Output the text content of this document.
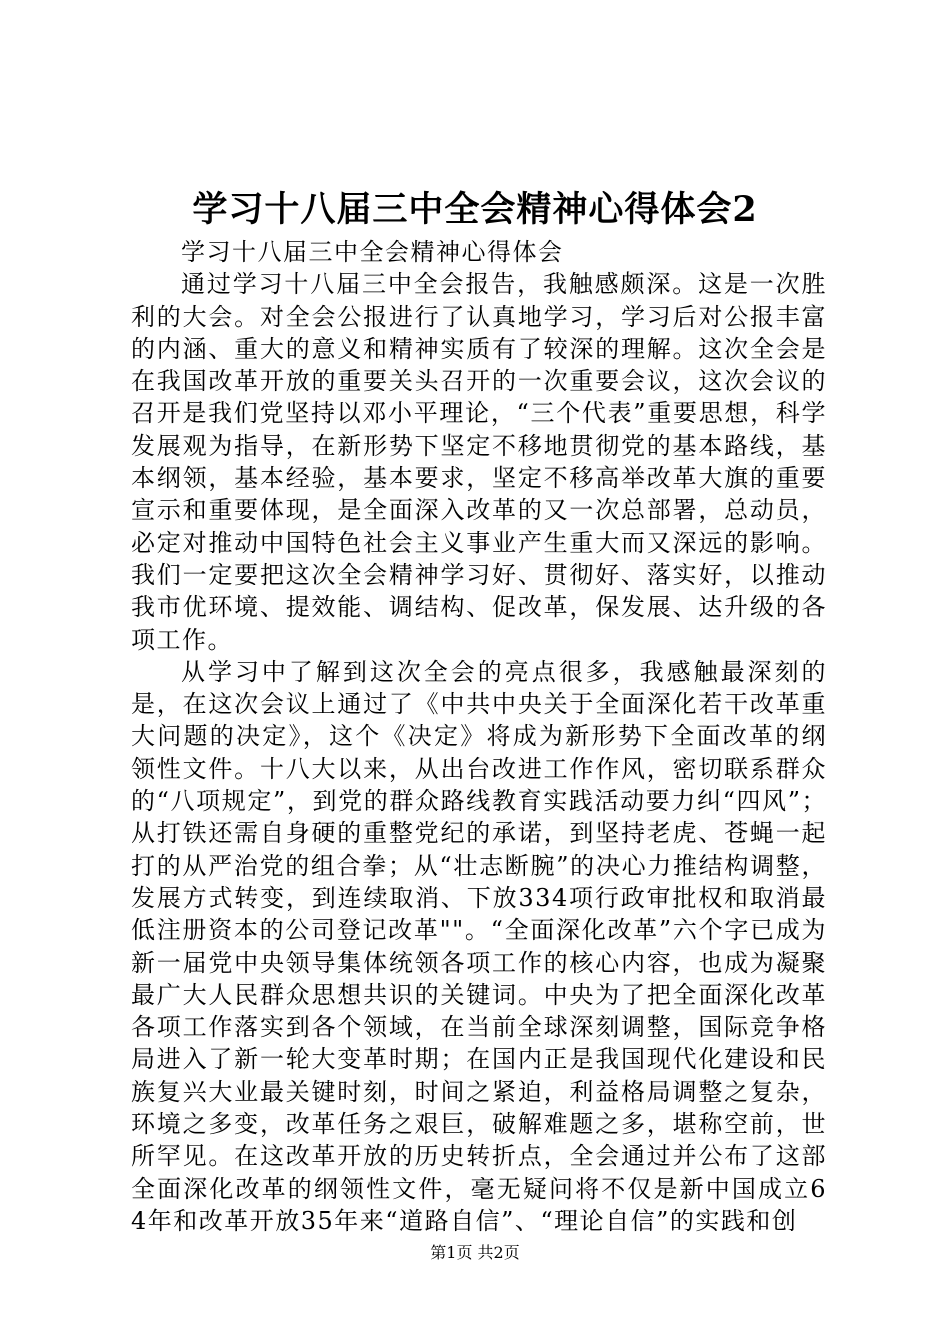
学习十八届三中全会精神心得体会2

学习十八届三中全会精神心得体会

通过学习十八届三中全会报告，我触感颇深。这是一次胜利的大会。对全会公报进行了认真地学习，学习后对公报丰富的内涵、重大的意义和精神实质有了较深的理解。这次全会是在我国改革开放的重要关头召开的一次重要会议，这次会议的召开是我们党坚持以邓小平理论，“三个代表”重要思想，科学发展观为指导，在新形势下坚定不移地贯彻党的基本路线，基本纲领，基本经验，基本要求，坚定不移高举改革大旗的重要宣示和重要体现，是全面深入改革的又一次总部署，总动员，必定对推动中国特色社会主义事业产生重大而又深远的影响。我们一定要把这次全会精神学习好、贯彻好、落实好，以推动我市优环境、提效能、调结构、促改革，保发展、达升级的各项工作。

从学习中了解到这次全会的亮点很多，我感触最深刻的是，在这次会议上通过了《中共中央关于全面深化若干改革重大问题的决定》，这个《决定》将成为新形势下全面改革的纲领性文件。十八大以来，从出台改进工作作风，密切联系群众的“八项规定”，到党的群众路线教育实践活动要力纠“四风”；从打铁还需自身硬的重整党纪的承诺，到坚持老虎、苍蝇一起打的从严治党的组合拳；从“壮志断腕”的决心力推结构调整，发展方式转变，到连续取消、下放334项行政审批权和取消最低注册资本的公司登记改革""。“全面深化改革”六个字已成为新一届党中央领导集体统领各项工作的核心内容，也成为凝聚最广大人民群众思想共识的关键词。中央为了把全面深化改革各项工作落实到各个领域，在当前全球深刻调整，国际竞争格局进入了新一轮大变革时期；在国内正是我国现代化建设和民族复兴大业最关键时刻，时间之紧迫，利益格局调整之复杂，环境之多变，改革任务之艰巨，破解难题之多，堪称空前，世所罕见。在这改革开放的历史转折点，全会通过并公布了这部全面深化改革的纲领性文件，毫无疑问将不仅是新中国成立64年和改革开放35年来“道路自信”、“理论自信”的实践和创

第1页 共2页
